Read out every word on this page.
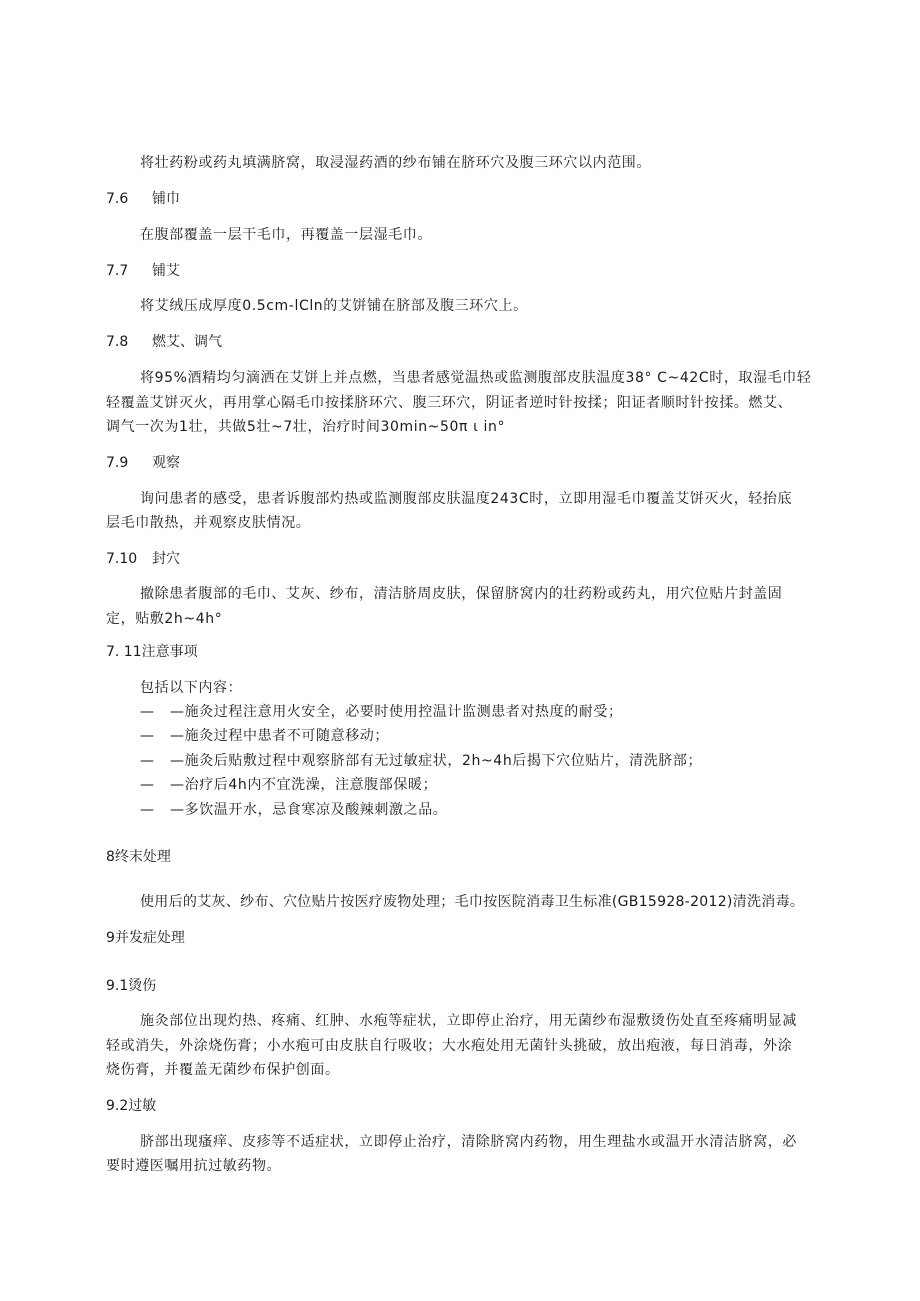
将壮药粉或药丸填满脐窝，取浸湿药酒的纱布铺在脐环穴及腹三环穴以内范围。
7.6 铺巾
在腹部覆盖一层干毛巾，再覆盖一层湿毛巾。
7.7 铺艾
将艾绒压成厚度0.5cm-lCln的艾饼铺在脐部及腹三环穴上。
7.8 燃艾、调气
将95%酒精均匀滴洒在艾饼上并点燃，当患者感觉温热或监测腹部皮肤温度38° C~42C时，取湿毛巾轻
轻覆盖艾饼灭火，再用掌心隔毛巾按揉脐环穴、腹三环穴，阴证者逆时针按揉；阳证者顺时针按揉。燃艾、
调气一次为1壮，共做5壮~7壮，治疗时间30min~50π ι in°
7.9 观察
询问患者的感受，患者诉腹部灼热或监测腹部皮肤温度243C时，立即用湿毛巾覆盖艾饼灭火，轻抬底
层毛巾散热，并观察皮肤情况。
7.10 封穴
撤除患者腹部的毛巾、艾灰、纱布，清洁脐周皮肤，保留脐窝内的壮药粉或药丸，用穴位贴片封盖固
定，贴敷2h~4h°
7. 11注意事项
包括以下内容：
— —施灸过程注意用火安全，必要时使用控温计监测患者对热度的耐受；
— —施灸过程中患者不可随意移动；
— —施灸后贴敷过程中观察脐部有无过敏症状，2h~4h后揭下穴位贴片，清洗脐部；
— —治疗后4h内不宜洗澡，注意腹部保暖；
— —多饮温开水，忌食寒凉及酸辣刺激之品。
8终末处理
使用后的艾灰、纱布、穴位贴片按医疗废物处理；毛巾按医院消毒卫生标准(GB15928-2012)清洗消毒。
9并发症处理
9.1烫伤
施灸部位出现灼热、疼痛、红肿、水疱等症状，立即停止治疗，用无菌纱布湿敷烫伤处直至疼痛明显减
轻或消失，外涂烧伤膏；小水疱可由皮肤自行吸收；大水疱处用无菌针头挑破，放出疱液，每日消毒，外涂
烧伤膏，并覆盖无菌纱布保护创面。
9.2过敏
脐部出现瘙痒、皮疹等不适症状，立即停止治疗，清除脐窝内药物，用生理盐水或温开水清洁脐窝，必
要时遵医嘱用抗过敏药物。
